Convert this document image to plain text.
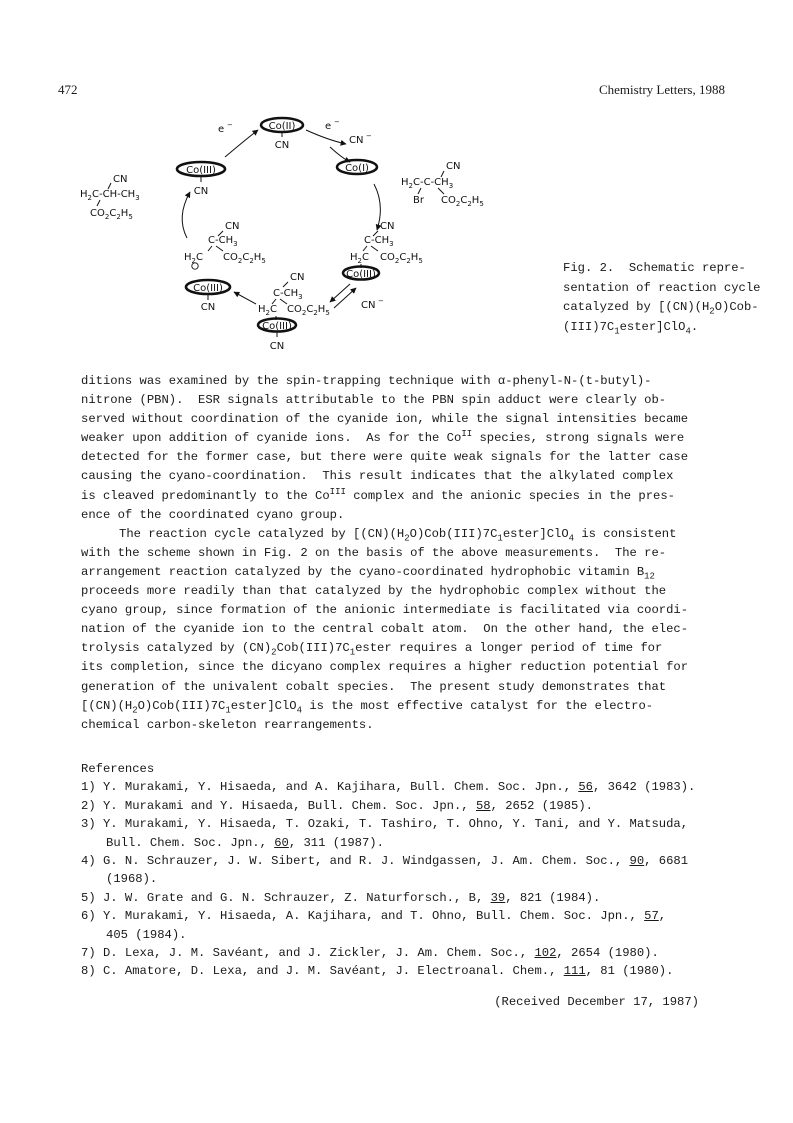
472	Chemistry Letters, 1988
Co(II)
CN
e −	e −
CN −
Co(III)
CN
CN
$H_2C-CH-CH_3$
$CO_2C_2H_5$
Co(I)	CN
$H_2C-C-CH_3$
Br $CO_2C_2H_5$
CN
$C-CH_3$
$H_2C$ $CO_2C_2H_5$
CN
$C-CH_3$
$H_2C$ $CO_2C_2H_5$
Co(III)
Co(III)
CN
CN
$C-CH_3$
$H_2C$ $CO_2C_2H_5$
Co(III)
CN
CN −
Fig. 2.  Schematic repre-
sentation of reaction cycle
catalyzed by [$(CN)(H_2O)Cob-$
$(III)7C_1ester]ClO_4$.
ditions was examined by the spin-trapping technique with α-phenyl-N-(t-butyl)-
nitrone (PBN).  ESR signals attributable to the PBN spin adduct were clearly ob-
served without coordination of the cyanide ion, while the signal intensities became
weaker upon addition of cyanide ions.  As for the $Co^{II}$ species, strong signals were
detected for the former case, but there were quite weak signals for the latter case
causing the cyano-coordination.  This result indicates that the alkylated complex
is cleaved predominantly to the $Co^{III}$ complex and the anionic species in the pres-
ence of the coordinated cyano group.
The reaction cycle catalyzed by $[(CN)(H_2O)Cob(III)7C_1ester]ClO_4$ is consistent
with the scheme shown in Fig. 2 on the basis of the above measurements.  The re-
arrangement reaction catalyzed by the cyano-coordinated hydrophobic vitamin $B_{12}$
proceeds more readily than that catalyzed by the hydrophobic complex without the
cyano group, since formation of the anionic intermediate is facilitated via coordi-
nation of the cyanide ion to the central cobalt atom.  On the other hand, the elec-
trolysis catalyzed by $(CN)_2Cob(III)7C_1ester$ requires a longer period of time for
its completion, since the dicyano complex requires a higher reduction potential for
generation of the univalent cobalt species.  The present study demonstrates that
$[(CN)(H_2O)Cob(III)7C_1ester]ClO_4$ is the most effective catalyst for the electro-
chemical carbon-skeleton rearrangements.
References
1) Y. Murakami, Y. Hisaeda, and A. Kajihara, Bull. Chem. Soc. Jpn., 56, 3642 (1983).
2) Y. Murakami and Y. Hisaeda, Bull. Chem. Soc. Jpn., 58, 2652 (1985).
3) Y. Murakami, Y. Hisaeda, T. Ozaki, T. Tashiro, T. Ohno, Y. Tani, and Y. Matsuda,
Bull. Chem. Soc. Jpn., 60, 311 (1987).
4) G. N. Schrauzer, J. W. Sibert, and R. J. Windgassen, J. Am. Chem. Soc., 90, 6681
(1968).
5) J. W. Grate and G. N. Schrauzer, Z. Naturforsch., B, 39, 821 (1984).
6) Y. Murakami, Y. Hisaeda, A. Kajihara, and T. Ohno, Bull. Chem. Soc. Jpn., 57,
405 (1984).
7) D. Lexa, J. M. Savéant, and J. Zickler, J. Am. Chem. Soc., 102, 2654 (1980).
8) C. Amatore, D. Lexa, and J. M. Savéant, J. Electroanal. Chem., 111, 81 (1980).
(Received December 17, 1987)
